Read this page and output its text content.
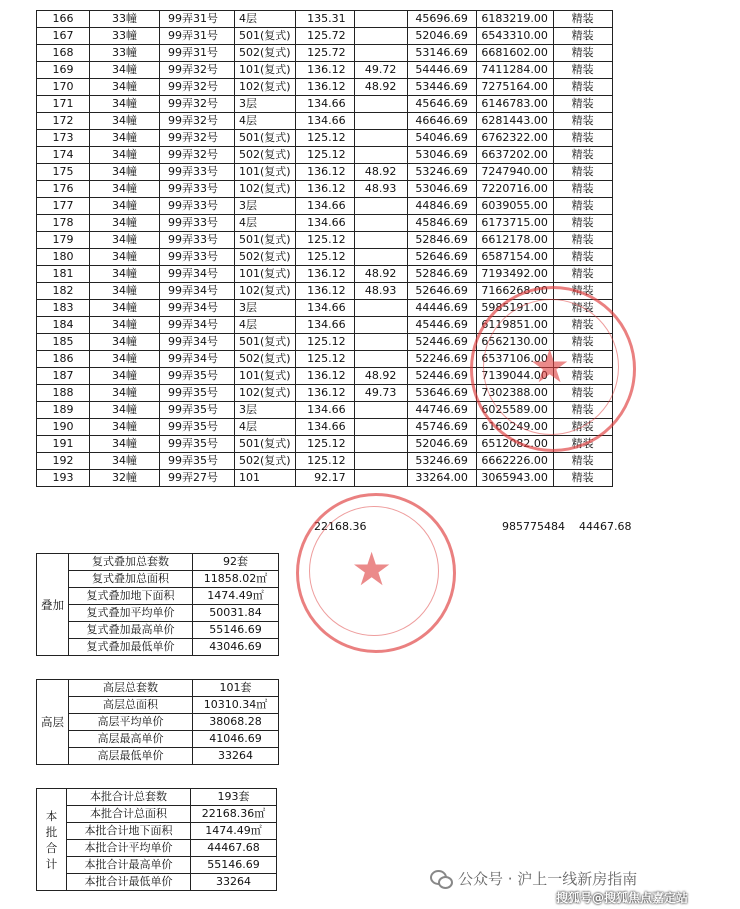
166	33幢	99弄31号	4层	135.31		45696.69	6183219.00	精装
167	33幢	99弄31号	501(复式)	125.72		52046.69	6543310.00	精装
168	33幢	99弄31号	502(复式)	125.72		53146.69	6681602.00	精装
169	34幢	99弄32号	101(复式)	136.12	49.72	54446.69	7411284.00	精装
170	34幢	99弄32号	102(复式)	136.12	48.92	53446.69	7275164.00	精装
171	34幢	99弄32号	3层	134.66		45646.69	6146783.00	精装
172	34幢	99弄32号	4层	134.66		46646.69	6281443.00	精装
173	34幢	99弄32号	501(复式)	125.12		54046.69	6762322.00	精装
174	34幢	99弄32号	502(复式)	125.12		53046.69	6637202.00	精装
175	34幢	99弄33号	101(复式)	136.12	48.92	53246.69	7247940.00	精装
176	34幢	99弄33号	102(复式)	136.12	48.93	53046.69	7220716.00	精装
177	34幢	99弄33号	3层	134.66		44846.69	6039055.00	精装
178	34幢	99弄33号	4层	134.66		45846.69	6173715.00	精装
179	34幢	99弄33号	501(复式)	125.12		52846.69	6612178.00	精装
180	34幢	99弄33号	502(复式)	125.12		52646.69	6587154.00	精装
181	34幢	99弄34号	101(复式)	136.12	48.92	52846.69	7193492.00	精装
182	34幢	99弄34号	102(复式)	136.12	48.93	52646.69	7166268.00	精装
183	34幢	99弄34号	3层	134.66		44446.69	5985191.00	精装
184	34幢	99弄34号	4层	134.66		45446.69	6119851.00	精装
185	34幢	99弄34号	501(复式)	125.12		52446.69	6562130.00	精装
186	34幢	99弄34号	502(复式)	125.12		52246.69	6537106.00	精装
187	34幢	99弄35号	101(复式)	136.12	48.92	52446.69	7139044.00	精装
188	34幢	99弄35号	102(复式)	136.12	49.73	53646.69	7302388.00	精装
189	34幢	99弄35号	3层	134.66		44746.69	6025589.00	精装
190	34幢	99弄35号	4层	134.66		45746.69	6160249.00	精装
191	34幢	99弄35号	501(复式)	125.12		52046.69	6512082.00	精装
192	34幢	99弄35号	502(复式)	125.12		53246.69	6662226.00	精装
193	32幢	99弄27号	101	92.17		33264.00	3065943.00	精装
22168.36	985775484 44467.68
叠加	复式叠加总套数	92套
	复式叠加总面积	11858.02㎡
	复式叠加地下面积	1474.49㎡
	复式叠加平均单价	50031.84
	复式叠加最高单价	55146.69
	复式叠加最低单价	43046.69
高层	高层总套数	101套
	高层总面积	10310.34㎡
	高层平均单价	38068.28
	高层最高单价	41046.69
	高层最低单价	33264
本批合计	本批合计总套数	193套
	本批合计总面积	22168.36㎡
	本批合计地下面积	1474.49㎡
	本批合计平均单价	44467.68
	本批合计最高单价	55146.69
	本批合计最低单价	33264
★
★
公众号 · 沪上一线新房指南
搜狐号@搜狐焦点嘉定站
